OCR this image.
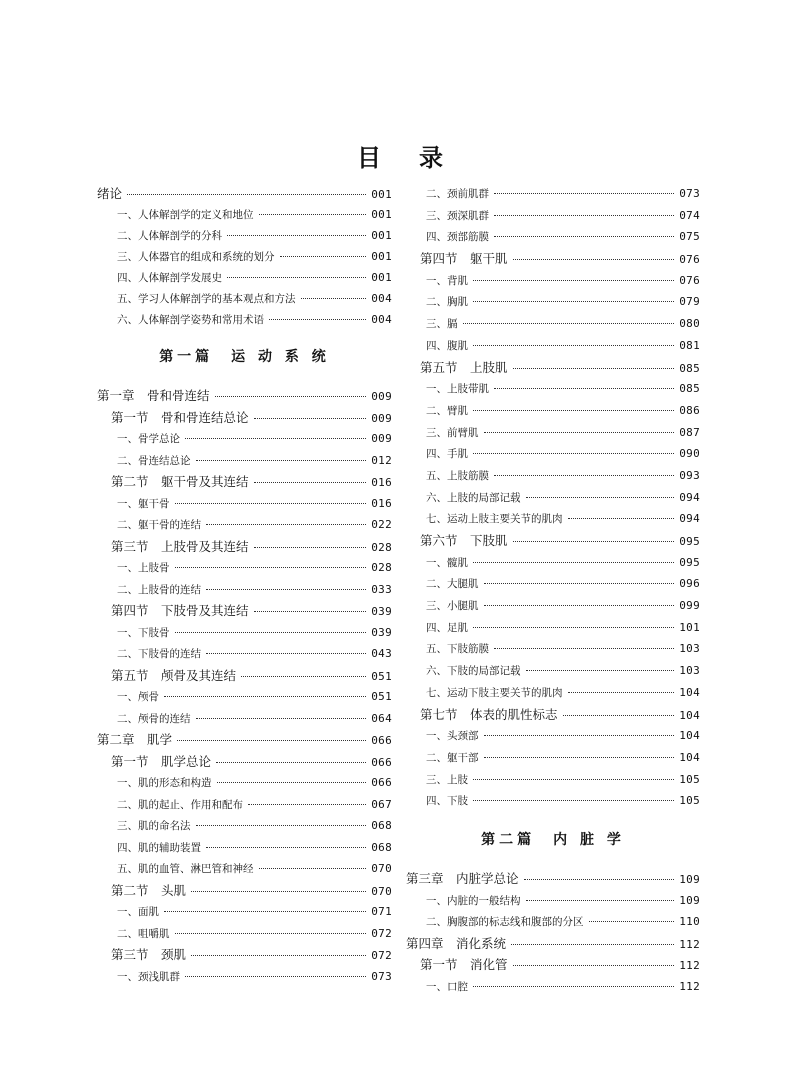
目录
绪论	001
一、人体解剖学的定义和地位	001
二、人体解剖学的分科	001
三、人体器官的组成和系统的划分	001
四、人体解剖学发展史	001
五、学习人体解剖学的基本观点和方法	004
六、人体解剖学姿势和常用术语	004
第一篇　运 动 系 统
第一章　骨和骨连结	009
第一节　骨和骨连结总论	009
一、骨学总论	009
二、骨连结总论	012
第二节　躯干骨及其连结	016
一、躯干骨	016
二、躯干骨的连结	022
第三节　上肢骨及其连结	028
一、上肢骨	028
二、上肢骨的连结	033
第四节　下肢骨及其连结	039
一、下肢骨	039
二、下肢骨的连结	043
第五节　颅骨及其连结	051
一、颅骨	051
二、颅骨的连结	064
第二章　肌学	066
第一节　肌学总论	066
一、肌的形态和构造	066
二、肌的起止、作用和配布	067
三、肌的命名法	068
四、肌的辅助装置	068
五、肌的血管、淋巴管和神经	070
第二节　头肌	070
一、面肌	071
二、咀嚼肌	072
第三节　颈肌	072
一、颈浅肌群	073
二、颈前肌群	073
三、颈深肌群	074
四、颈部筋膜	075
第四节　躯干肌	076
一、背肌	076
二、胸肌	079
三、膈	080
四、腹肌	081
第五节　上肢肌	085
一、上肢带肌	085
二、臂肌	086
三、前臂肌	087
四、手肌	090
五、上肢筋膜	093
六、上肢的局部记载	094
七、运动上肢主要关节的肌肉	094
第六节　下肢肌	095
一、髋肌	095
二、大腿肌	096
三、小腿肌	099
四、足肌	101
五、下肢筋膜	103
六、下肢的局部记载	103
七、运动下肢主要关节的肌肉	104
第七节　体表的肌性标志	104
一、头颈部	104
二、躯干部	104
三、上肢	105
四、下肢	105
第二篇　内 脏 学
第三章　内脏学总论	109
一、内脏的一般结构	109
二、胸腹部的标志线和腹部的分区	110
第四章　消化系统	112
第一节　消化管	112
一、口腔	112
